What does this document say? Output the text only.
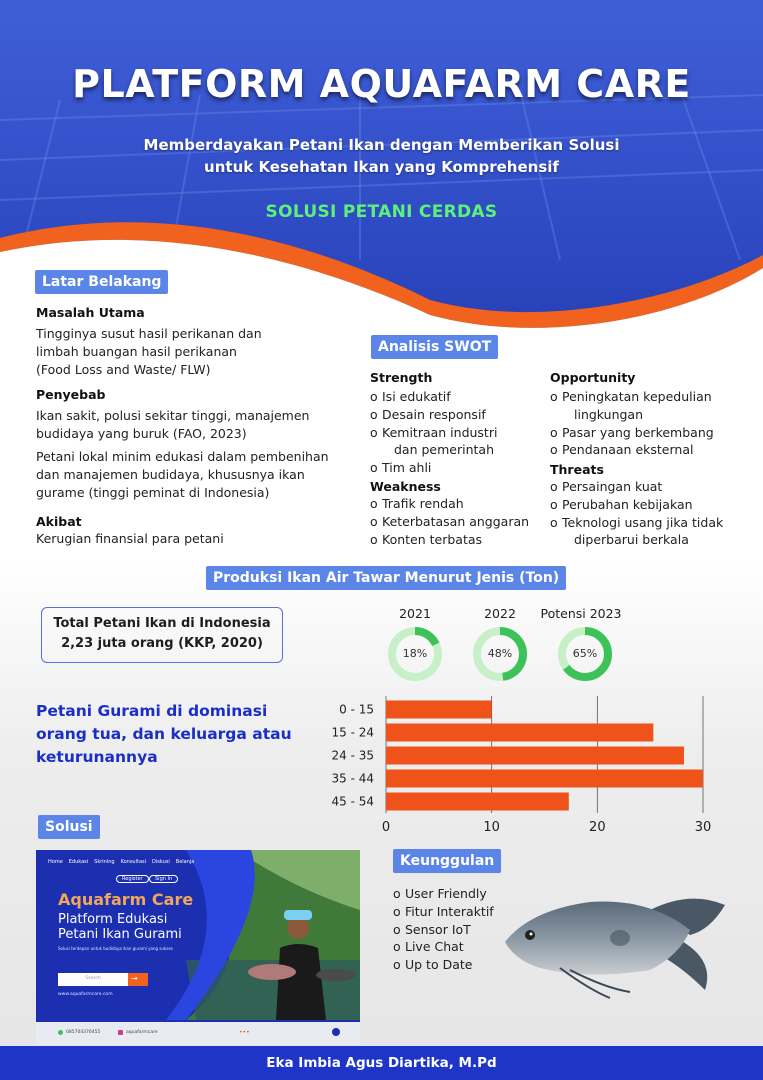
PLATFORM AQUAFARM CARE
Memberdayakan Petani Ikan dengan Memberikan Solusi
untuk Kesehatan Ikan yang Komprehensif
SOLUSI PETANI CERDAS
Latar Belakang
Masalah Utama
Tingginya susut hasil perikanan dan
limbah buangan hasil perikanan
(Food Loss and Waste/ FLW)
Penyebab
Ikan sakit, polusi sekitar tinggi, manajemen
budidaya yang buruk (FAO, 2023)
Petani lokal minim edukasi dalam pembenihan
dan manajemen budidaya, khususnya ikan
gurame (tinggi peminat di Indonesia)
Akibat
Kerugian finansial para petani
Analisis SWOT
Strength
o Isi edukatif
o Desain responsif
o Kemitraan industri
dan pemerintah
o Tim ahli
Weakness
o Trafik rendah
o Keterbatasan anggaran
o Konten terbatas
Opportunity
o Peningkatan kepedulian
lingkungan
o Pasar yang berkembang
o Pendanaan eksternal
Threats
o Persaingan kuat
o Perubahan kebijakan
o Teknologi usang jika tidak
diperbarui berkala
Produksi Ikan Air Tawar Menurut Jenis (Ton)
Total Petani Ikan di Indonesia
2,23 juta orang (KKP, 2020)
Petani Gurami di dominasi orang tua, dan keluarga atau keturunannya
2021	2022	Potensi 2023
18%	48%	65%
0	10	20	30
0 - 15
15 - 24
24 - 35
35 - 44
45 - 54
Solusi
Home Edukasi Skrining Konsultasi Diskusi Belanja
Register	Sign In
Aquafarm Care
Platform Edukasi
Petani Ikan Gurami
Solusi terdepan untuk budidaya ikan gurami yang sukses
Search	→
www.aquafarmcare.com
085704376455	aquafarmcare	•••
Keunggulan
o User Friendly
o Fitur Interaktif
o Sensor IoT
o Live Chat
o Up to Date
Eka Imbia Agus Diartika, M.Pd
